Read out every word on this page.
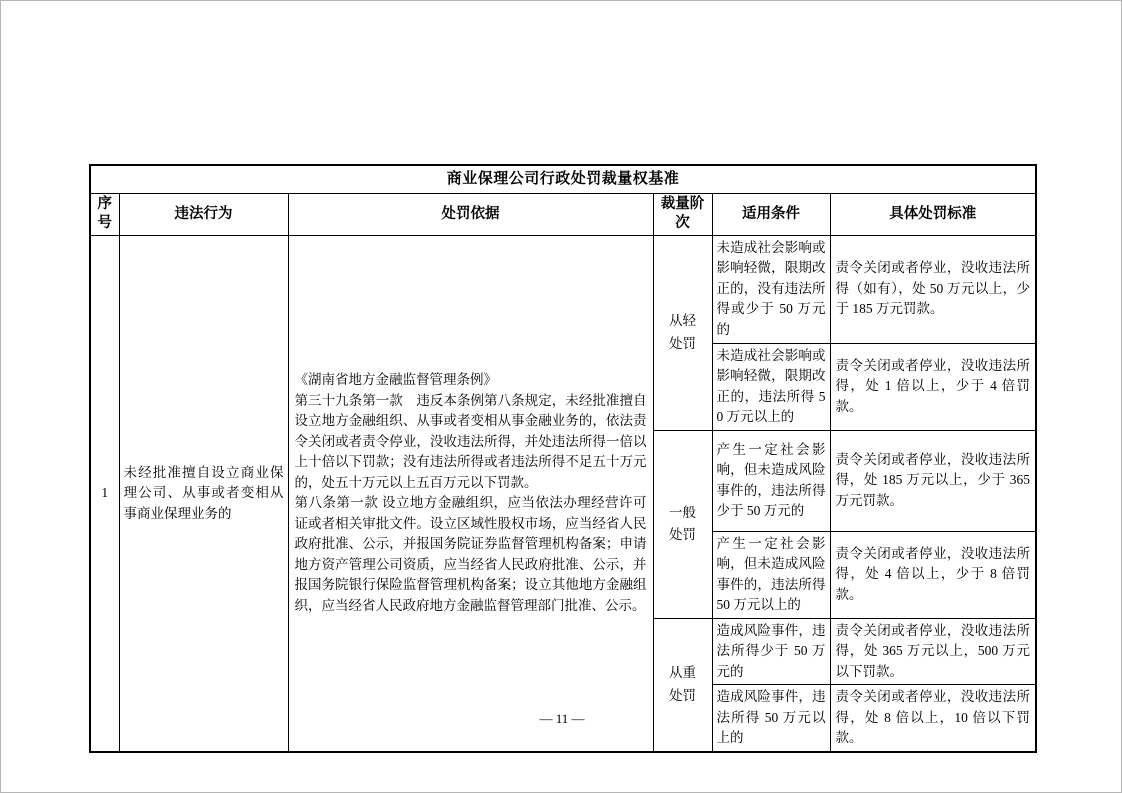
商业保理公司行政处罚裁量权基准					
序号	违法行为	处罚依据	裁量阶次	适用条件	具体处罚标准
1	未经批准擅自设立商业保理公司、从事或者变相从事商业保理业务的	《湖南省地方金融监督管理条例》
第三十九条第一款　违反本条例第八条规定，未经批准擅自设立地方金融组织、从事或者变相从事金融业务的，依法责令关闭或者责令停业，没收违法所得，并处违法所得一倍以上十倍以下罚款；没有违法所得或者违法所得不足五十万元的，处五十万元以上五百万元以下罚款。
第八条第一款 设立地方金融组织，应当依法办理经营许可证或者相关审批文件。设立区域性股权市场，应当经省人民政府批准、公示，并报国务院证券监督管理机构备案；申请地方资产管理公司资质，应当经省人民政府批准、公示，并报国务院银行保险监督管理机构备案；设立其他地方金融组织，应当经省人民政府地方金融监督管理部门批准、公示。	从轻处罚	未造成社会影响或影响轻微，限期改正的，没有违法所得或少于 50 万元的	责令关闭或者停业，没收违法所得（如有），处 50 万元以上，少于 185 万元罚款。
				未造成社会影响或影响轻微，限期改正的，违法所得 50 万元以上的	责令关闭或者停业，没收违法所得，处 1 倍以上，少于 4 倍罚款。

			一般处罚	产生一定社会影响，但未造成风险事件的，违法所得少于 50 万元的	责令关闭或者停业，没收违法所得，处 185 万元以上，少于 365 万元罚款。
				产生一定社会影响，但未造成风险事件的，违法所得 50 万元以上的	责令关闭或者停业，没收违法所得，处 4 倍以上，少于 8 倍罚款。

			从重处罚	造成风险事件，违法所得少于 50 万元的	责令关闭或者停业，没收违法所得，处 365 万元以上，500 万元以下罚款。
				造成风险事件，违法所得 50 万元以上的	责令关闭或者停业，没收违法所得，处 8 倍以上，10 倍以下罚款。
— 11 —
